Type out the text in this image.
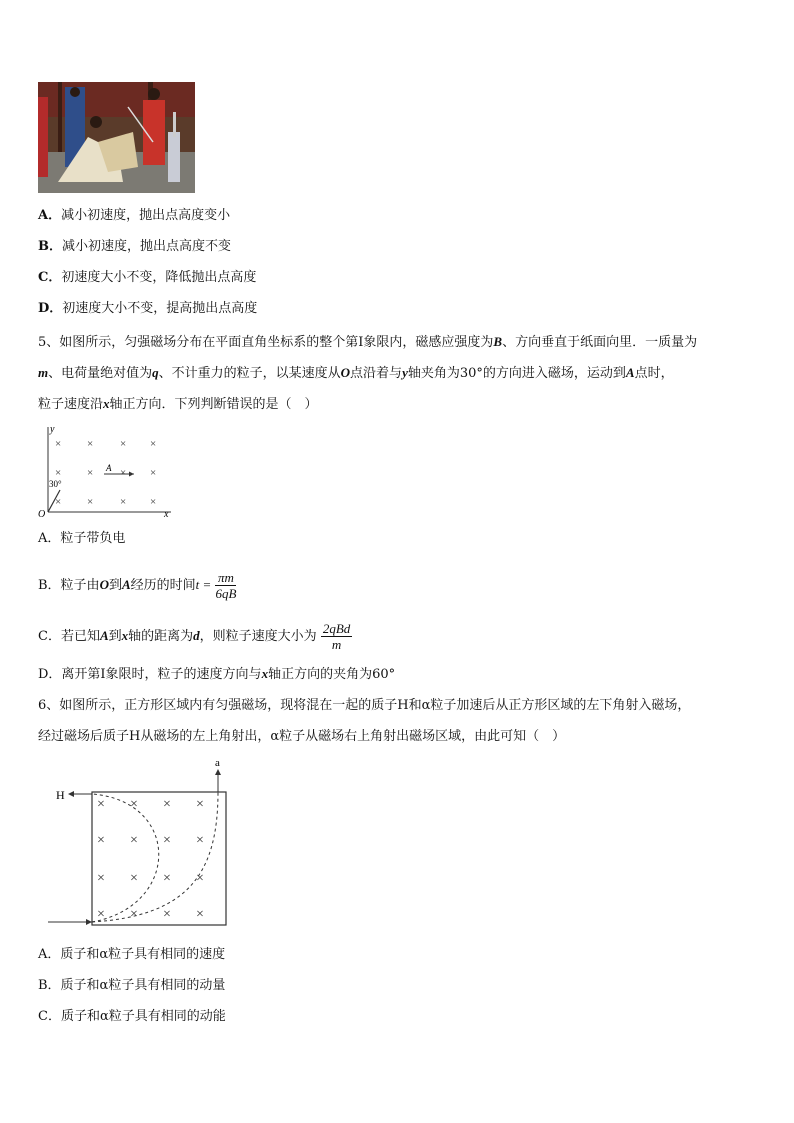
A．减小初速度，抛出点高度变小
B．减小初速度，抛出点高度不变
C．初速度大小不变，降低抛出点高度
D．初速度大小不变，提高抛出点高度
5、如图所示，匀强磁场分布在平面直角坐标系的整个第Ⅰ象限内，磁感应强度为B、方向垂直于纸面向里．一质量为
m、电荷量绝对值为q、不计重力的粒子，以某速度从O点沿着与y轴夹角为30°的方向进入磁场，运动到A点时，
粒子速度沿x轴正方向．下列判断错误的是（　）
y
x
O
× × × ×
× × × ×
× × × ×
A
30°
A．粒子带负电
B．粒子由O到A经历的时间$t = \frac{\pi m}{6qB}$
C．若已知A到x轴的距离为d，则粒子速度大小为 $\frac{\text{2qBd}}{m}$
D．离开第Ⅰ象限时，粒子的速度方向与x轴正方向的夹角为60°
6、如图所示，正方形区域内有匀强磁场，现将混在一起的质子H和α粒子加速后从正方形区域的左下角射入磁场，
经过磁场后质子H从磁场的左上角射出，α粒子从磁场右上角射出磁场区域，由此可知（　）
× × × ×
× × × ×
× × × ×
× × × ×
H
a
A．质子和α粒子具有相同的速度
B．质子和α粒子具有相同的动量
C．质子和α粒子具有相同的动能
